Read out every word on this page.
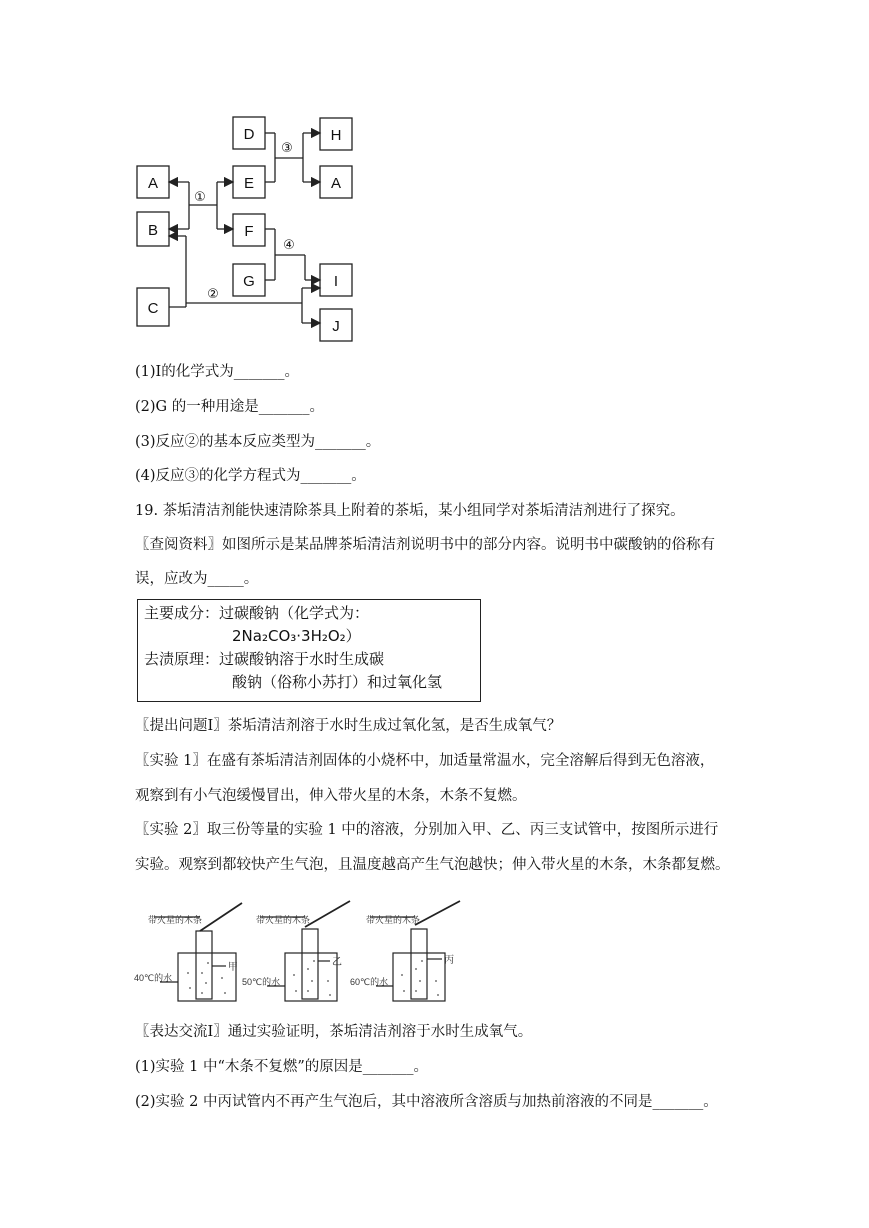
D	H
A	E	A
B	F
G	I
C
J
①
②
③
④
(1)Ⅰ的化学式为_______。
(2)G 的一种用途是_______。
(3)反应②的基本反应类型为_______。
(4)反应③的化学方程式为_______。
19. 茶垢清洁剂能快速清除茶具上附着的茶垢，某小组同学对茶垢清洁剂进行了探究。
〖查阅资料〗如图所示是某品牌茶垢清洁剂说明书中的部分内容。说明书中碳酸钠的俗称有
误，应改为_____。
主要成分：过碳酸钠（化学式为：
2Na₂CO₃·3H₂O₂）
去渍原理：过碳酸钠溶于水时生成碳
酸钠（俗称小苏打）和过氧化氢
〖提出问题Ⅰ〗茶垢清洁剂溶于水时生成过氧化氢，是否生成氧气？
〖实验 1〗在盛有茶垢清洁剂固体的小烧杯中，加适量常温水，完全溶解后得到无色溶液，
观察到有小气泡缓慢冒出，伸入带火星的木条，木条不复燃。
〖实验 2〗取三份等量的实验 1 中的溶液，分别加入甲、乙、丙三支试管中，按图所示进行
实验。观察到都较快产生气泡，且温度越高产生气泡越快；伸入带火星的木条，木条都复燃。
带火星的木条
40℃的水
甲
带火星的木条
50℃的水
乙
带火星的木条
60℃的水
丙
〖表达交流Ⅰ〗通过实验证明，茶垢清洁剂溶于水时生成氧气。
(1)实验 1 中“木条不复燃”的原因是_______。
(2)实验 2 中丙试管内不再产生气泡后，其中溶液所含溶质与加热前溶液的不同是_______。
